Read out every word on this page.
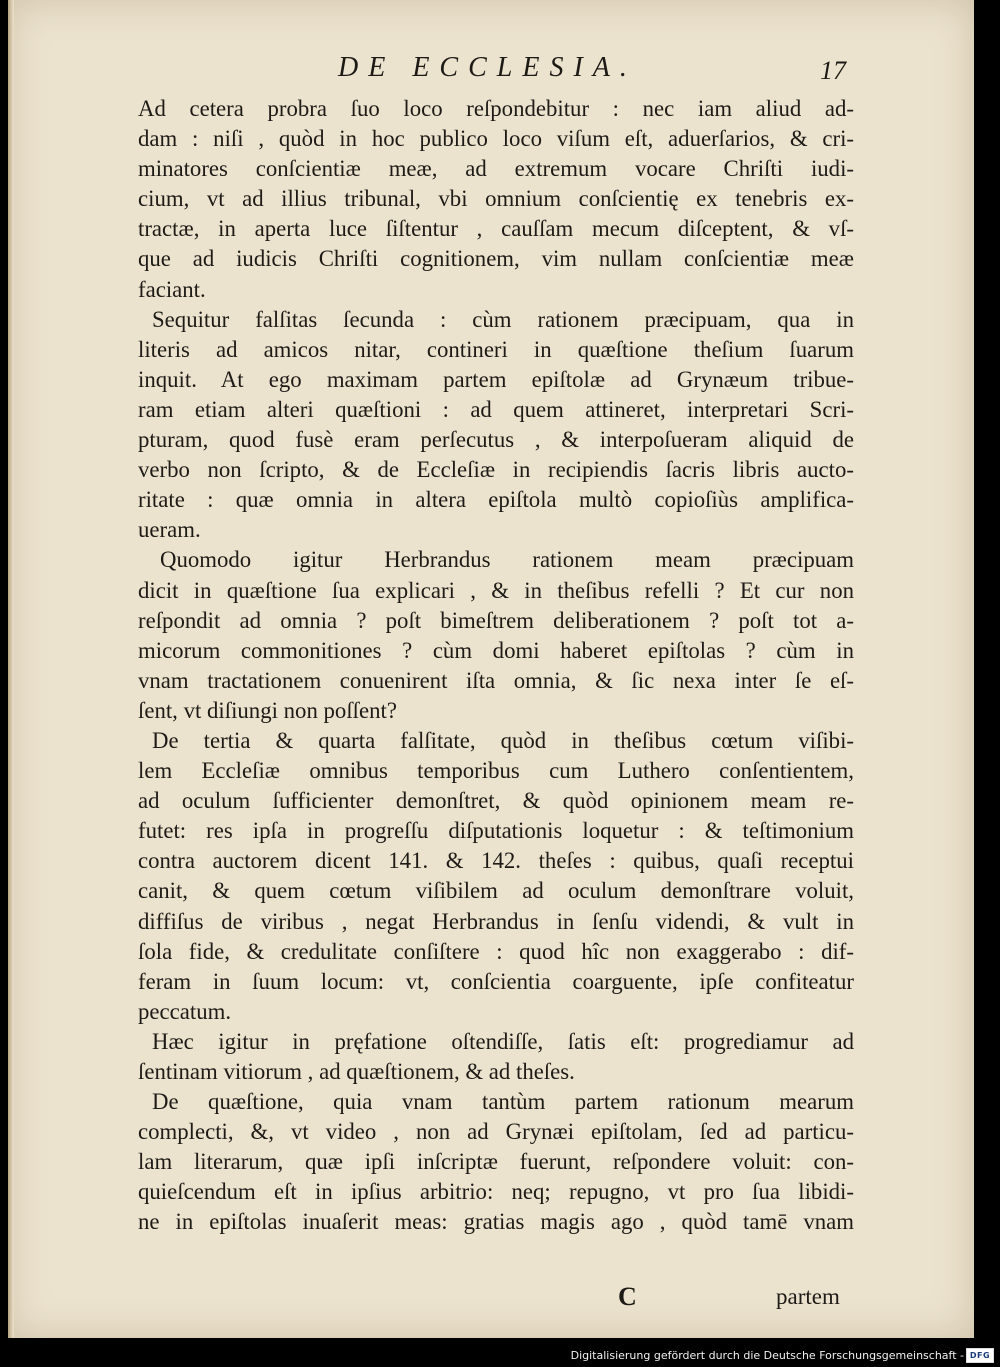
DE ECCLESIA.	17
Ad cetera probra ſuo loco reſpondebitur : nec iam aliud ad-
dam : niſi , quòd in hoc publico loco viſum eſt, aduerſarios, & cri-
minatores conſcientiæ meæ, ad extremum vocare Chriſti iudi-
cium, vt ad illius tribunal, vbi omnium conſcientię ex tenebris ex-
tractæ, in aperta luce ſiſtentur , cauſſam mecum diſceptent, & vſ-
que ad iudicis Chriſti cognitionem, vim nullam conſcientiæ meæ
faciant.
Sequitur falſitas ſecunda : cùm rationem præcipuam, qua in
literis ad amicos nitar, contineri in quæſtione theſium ſuarum
inquit. At ego maximam partem epiſtolæ ad Grynæum tribue-
ram etiam alteri quæſtioni : ad quem attineret, interpretari Scri-
pturam, quod fusè eram perſecutus , & interpoſueram aliquid de
verbo non ſcripto, & de Eccleſiæ in recipiendis ſacris libris aucto-
ritate : quæ omnia in altera epiſtola multò copioſiùs amplifica-
ueram.
Quomodo igitur Herbrandus rationem meam præcipuam
dicit in quæſtione ſua explicari , & in theſibus refelli ? Et cur non
reſpondit ad omnia ? poſt bimeſtrem deliberationem ? poſt tot a-
micorum commonitiones ? cùm domi haberet epiſtolas ? cùm in
vnam tractationem conuenirent iſta omnia, & ſic nexa inter ſe eſ-
ſent, vt diſiungi non poſſent?
De tertia & quarta falſitate, quòd in theſibus cœtum viſibi-
lem Eccleſiæ omnibus temporibus cum Luthero conſentientem,
ad oculum ſufficienter demonſtret, & quòd opinionem meam re-
futet: res ipſa in progreſſu diſputationis loquetur : & teſtimonium
contra auctorem dicent 141. & 142. theſes : quibus, quaſi receptui
canit, & quem cœtum viſibilem ad oculum demonſtrare voluit,
diffiſus de viribus , negat Herbrandus in ſenſu videndi, & vult in
ſola fide, & credulitate conſiſtere : quod hîc non exaggerabo : dif-
feram in ſuum locum: vt, conſcientia coarguente, ipſe confiteatur
peccatum.
Hæc igitur in pręfatione oſtendiſſe, ſatis eſt: progrediamur ad
ſentinam vitiorum , ad quæſtionem, & ad theſes.
De quæſtione, quia vnam tantùm partem rationum mearum
complecti, &, vt video , non ad Grynæi epiſtolam, ſed ad particu-
lam literarum, quæ ipſi inſcriptæ fuerunt, reſpondere voluit: con-
quieſcendum eſt in ipſius arbitrio: neq; repugno, vt pro ſua libidi-
ne in epiſtolas inuaſerit meas: gratias magis ago , quòd tamē vnam
C	partem
Digitalisierung gefördert durch die Deutsche Forschungsgemeinschaft - DFG
